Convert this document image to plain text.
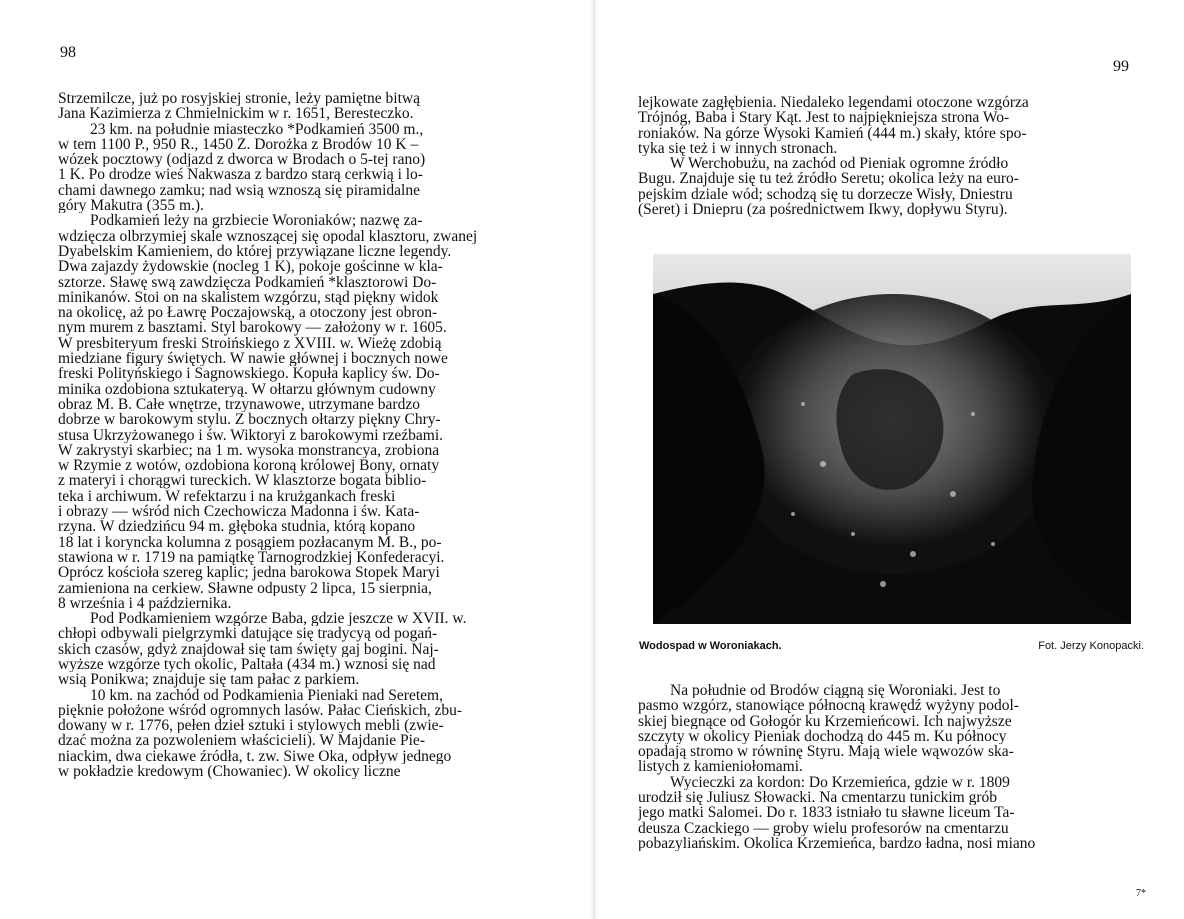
98
Strzemilcze, już po rosyjskiej stronie, leży pamiętne bitwą
Jana Kazimierza z Chmielnickim w r. 1651, Beresteczko.
23 km. na południe miasteczko *Podkamień 3500 m.,
w tem 1100 P., 950 R., 1450 Ż. Dorożka z Brodów 10 K –
wózek pocztowy (odjazd z dworca w Brodach o 5-tej rano)
1 K. Po drodze wieś Nakwasza z bardzo starą cerkwią i lo-
chami dawnego zamku; nad wsią wznoszą się piramidalne
góry Makutra (355 m.).
Podkamień leży na grzbiecie Woroniaków; nazwę za-
wdzięcza olbrzymiej skale wznoszącej się opodal klasztoru, zwanej
Dyabelskim Kamieniem, do której przywiązane liczne legendy.
Dwa zajazdy żydowskie (nocleg 1 K), pokoje gościnne w kla-
sztorze. Sławę swą zawdzięcza Podkamień *klasztorowi Do-
minikanów. Stoi on na skalistem wzgórzu, stąd piękny widok
na okolicę, aż po Ławrę Poczajowską, a otoczony jest obron-
nym murem z basztami. Styl barokowy — założony w r. 1605.
W presbiteryum freski Stroińskiego z XVIII. w. Wieżę zdobią
miedziane figury świętych. W nawie głównej i bocznych nowe
freski Polityńskiego i Sagnowskiego. Kopuła kaplicy św. Do-
minika ozdobiona sztukateryą. W ołtarzu głównym cudowny
obraz M. B. Całe wnętrze, trzynawowe, utrzymane bardzo
dobrze w barokowym stylu. Z bocznych ołtarzy piękny Chry-
stusa Ukrzyżowanego i św. Wiktoryi z barokowymi rzeźbami.
W zakrystyi skarbiec; na 1 m. wysoka monstrancya, zrobiona
w Rzymie z wotów, ozdobiona koroną królowej Bony, ornaty
z materyi i chorągwi tureckich. W klasztorze bogata biblio-
teka i archiwum. W refektarzu i na krużgankach freski
i obrazy — wśród nich Czechowicza Madonna i św. Kata-
rzyna. W dziedzińcu 94 m. głęboka studnia, którą kopano
18 lat i koryncka kolumna z posągiem pozłacanym M. B., po-
stawiona w r. 1719 na pamiątkę Tarnogrodzkiej Konfederacyi.
Oprócz kościoła szereg kaplic; jedna barokowa Stopek Maryi
zamieniona na cerkiew. Sławne odpusty 2 lipca, 15 sierpnia,
8 września i 4 października.
Pod Podkamieniem wzgórze Baba, gdzie jeszcze w XVII. w.
chłopi odbywali pielgrzymki datujące się tradycyą od pogań-
skich czasów, gdyż znajdował się tam święty gaj bogini. Naj-
wyższe wzgórze tych okolic, Paltała (434 m.) wznosi się nad
wsią Ponikwa; znajduje się tam pałac z parkiem.
10 km. na zachód od Podkamienia Pieniaki nad Seretem,
pięknie położone wśród ogromnych lasów. Pałac Cieńskich, zbu-
dowany w r. 1776, pełen dzieł sztuki i stylowych mebli (zwie-
dzać można za pozwoleniem właścicieli). W Majdanie Pie-
niackim, dwa ciekawe źródła, t. zw. Siwe Oka, odpływ jednego
w pokładzie kredowym (Chowaniec). W okolicy liczne
99
lejkowate zagłębienia. Niedaleko legendami otoczone wzgórza
Trójnóg, Baba i Stary Kąt. Jest to najpiękniejsza strona Wo-
roniaków. Na górze Wysoki Kamień (444 m.) skały, które spo-
tyka się też i w innych stronach.
W Werchobużu, na zachód od Pieniak ogromne źródło
Bugu. Znajduje się tu też źródło Seretu; okolica leży na euro-
pejskim dziale wód; schodzą się tu dorzecze Wisły, Dniestru
(Seret) i Dniepru (za pośrednictwem Ikwy, dopływu Styru).
Wodospad w Woroniakach.	Fot. Jerzy Konopacki.
Na południe od Brodów ciągną się Woroniaki. Jest to
pasmo wzgórz, stanowiące północną krawędź wyżyny podol-
skiej biegnące od Gołogór ku Krzemieńcowi. Ich najwyższe
szczyty w okolicy Pieniak dochodzą do 445 m. Ku północy
opadają stromo w równinę Styru. Mają wiele wąwozów ska-
listych z kamieniołomami.
Wycieczki za kordon: Do Krzemieńca, gdzie w r. 1809
urodził się Juliusz Słowacki. Na cmentarzu tunickim grób
jego matki Salomei. Do r. 1833 istniało tu sławne liceum Ta-
deusza Czackiego — groby wielu profesorów na cmentarzu
pobazyliańskim. Okolica Krzemieńca, bardzo ładna, nosi miano
7*
